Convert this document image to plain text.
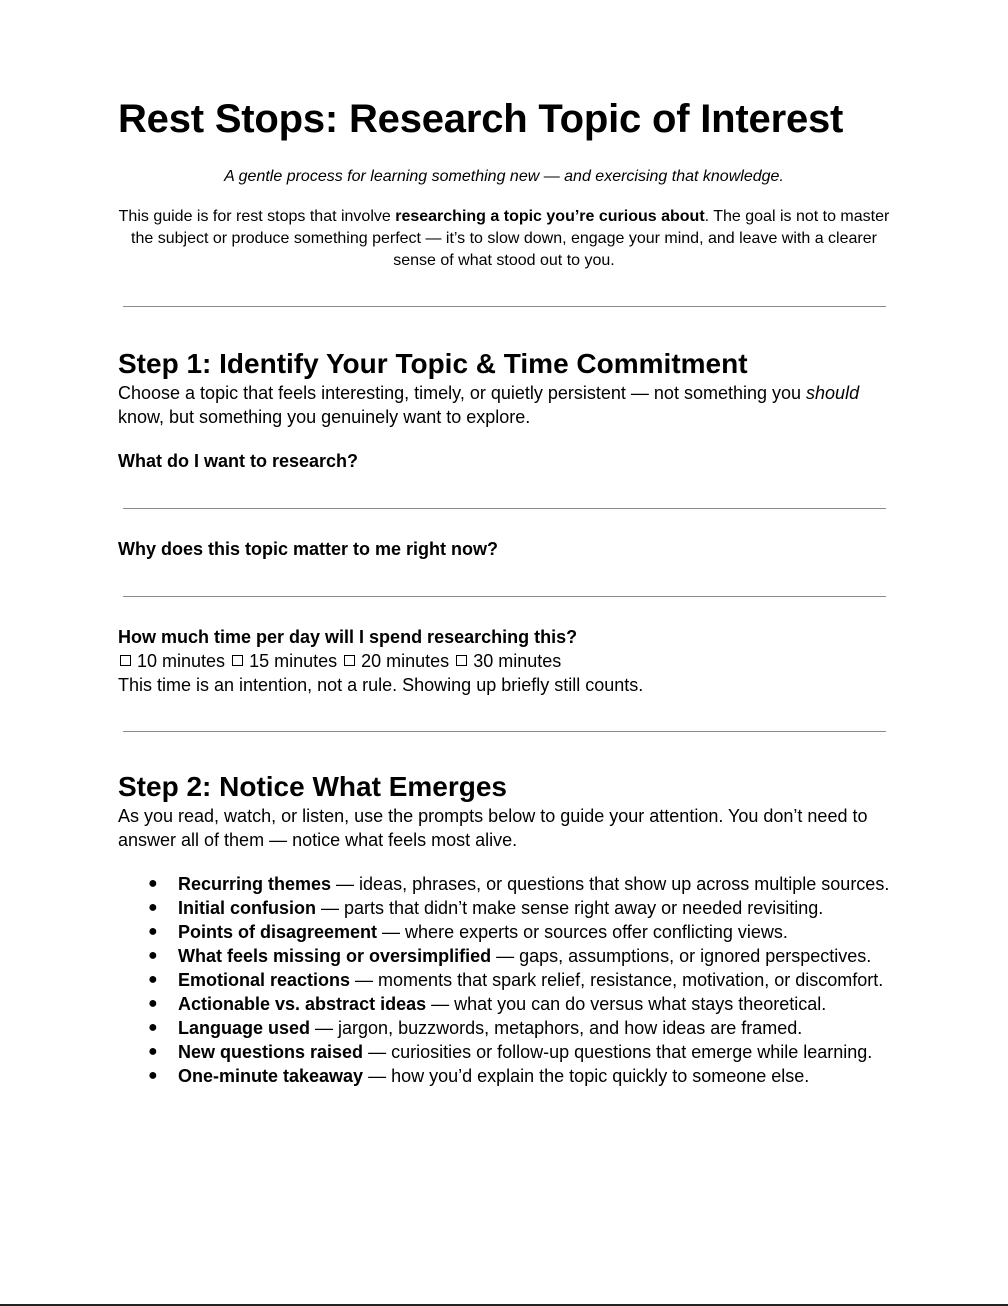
Rest Stops: Research Topic of Interest

A gentle process for learning something new — and exercising that knowledge.

This guide is for rest stops that involve researching a topic you’re curious about. The goal is not to master the subject or produce something perfect — it’s to slow down, engage your mind, and leave with a clearer sense of what stood out to you.

Step 1: Identify Your Topic & Time Commitment

Choose a topic that feels interesting, timely, or quietly persistent — not something you should know, but something you genuinely want to explore.

What do I want to research?

Why does this topic matter to me right now?

How much time per day will I spend researching this?

10 minutes 15 minutes 20 minutes 30 minutes

This time is an intention, not a rule. Showing up briefly still counts.

Step 2: Notice What Emerges

As you read, watch, or listen, use the prompts below to guide your attention. You don’t need to answer all of them — notice what feels most alive.

● Recurring themes — ideas, phrases, or questions that show up across multiple sources.
● Initial confusion — parts that didn’t make sense right away or needed revisiting.
● Points of disagreement — where experts or sources offer conflicting views.
● What feels missing or oversimplified — gaps, assumptions, or ignored perspectives.
● Emotional reactions — moments that spark relief, resistance, motivation, or discomfort.
● Actionable vs. abstract ideas — what you can do versus what stays theoretical.
● Language used — jargon, buzzwords, metaphors, and how ideas are framed.
● New questions raised — curiosities or follow-up questions that emerge while learning.
● One-minute takeaway — how you’d explain the topic quickly to someone else.
